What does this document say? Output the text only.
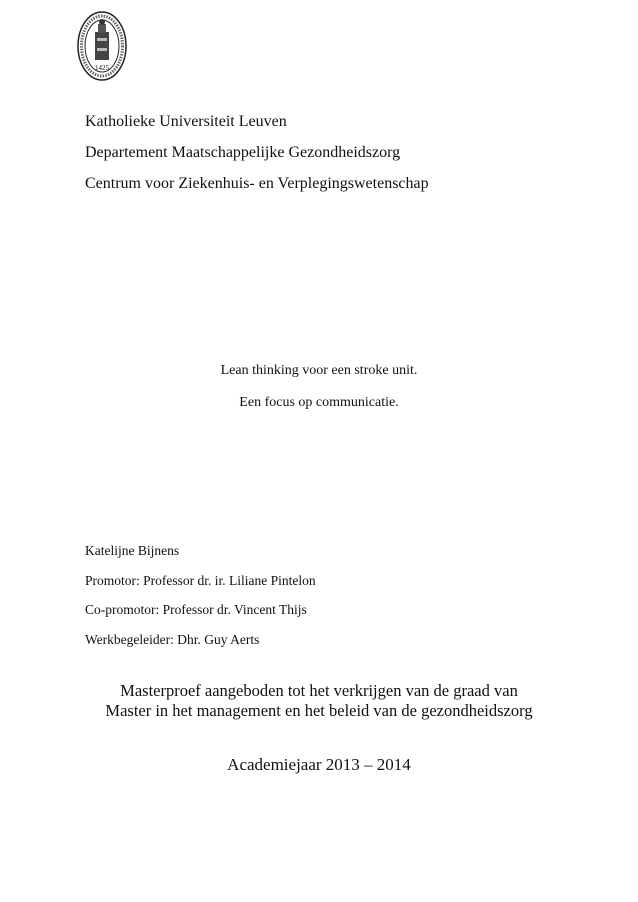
1425
Katholieke Universiteit Leuven
Departement Maatschappelijke Gezondheidszorg
Centrum voor Ziekenhuis- en Verplegingswetenschap
Lean thinking voor een stroke unit.
Een focus op communicatie.
Katelijne Bijnens
Promotor: Professor dr. ir. Liliane Pintelon
Co-promotor: Professor dr. Vincent Thijs
Werkbegeleider: Dhr. Guy Aerts
Masterproef aangeboden tot het verkrijgen van de graad van
Master in het management en het beleid van de gezondheidszorg
Academiejaar 2013 – 2014
